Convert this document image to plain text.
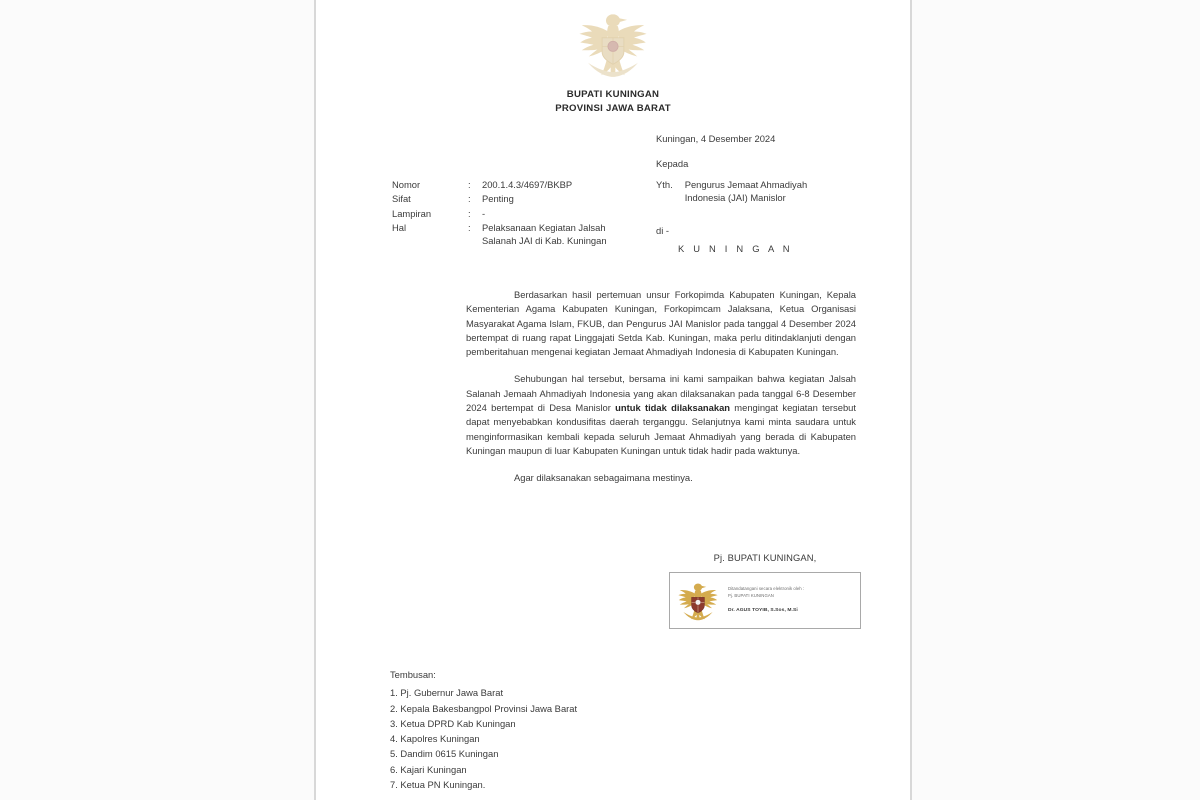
BUPATI KUNINGAN
PROVINSI JAWA BARAT
Kuningan, 4 Desember 2024
Kepada
Yth. Pengurus Jemaat Ahmadiyah
Indonesia (JAI) Manislor
di -
K U N I N G A N
Nomor	:	200.1.4.3/4697/BKBP
Sifat	:	Penting
Lampiran	:	-
Hal	:	Pelaksanaan Kegiatan Jalsah Salanah JAI di Kab. Kuningan

Berdasarkan hasil pertemuan unsur Forkopimda Kabupaten Kuningan, Kepala Kementerian Agama Kabupaten Kuningan, Forkopimcam Jalaksana, Ketua Organisasi Masyarakat Agama Islam, FKUB, dan Pengurus JAI Manislor pada tanggal 4 Desember 2024 bertempat di ruang rapat Linggajati Setda Kab. Kuningan, maka perlu ditindaklanjuti dengan pemberitahuan mengenai kegiatan Jemaat Ahmadiyah Indonesia di Kabupaten Kuningan.

Sehubungan hal tersebut, bersama ini kami sampaikan bahwa kegiatan Jalsah Salanah Jemaah Ahmadiyah Indonesia yang akan dilaksanakan pada tanggal 6-8 Desember 2024 bertempat di Desa Manislor untuk tidak dilaksanakan mengingat kegiatan tersebut dapat menyebabkan kondusifitas daerah terganggu. Selanjutnya kami minta saudara untuk menginformasikan kembali kepada seluruh Jemaat Ahmadiyah yang berada di Kabupaten Kuningan maupun di luar Kabupaten Kuningan untuk tidak hadir pada waktunya.

Agar dilaksanakan sebagaimana mestinya.

Pj. BUPATI KUNINGAN,
Ditandatangani secara elektronik oleh :
Pj. BUPATI KUNINGAN
Dr. AGUS TOYIB, S.Sos, M.Si
Tembusan:
1. Pj. Gubernur Jawa Barat
2. Kepala Bakesbangpol Provinsi Jawa Barat
3. Ketua DPRD Kab Kuningan
4. Kapolres Kuningan
5. Dandim 0615 Kuningan
6. Kajari Kuningan
7. Ketua PN Kuningan.
